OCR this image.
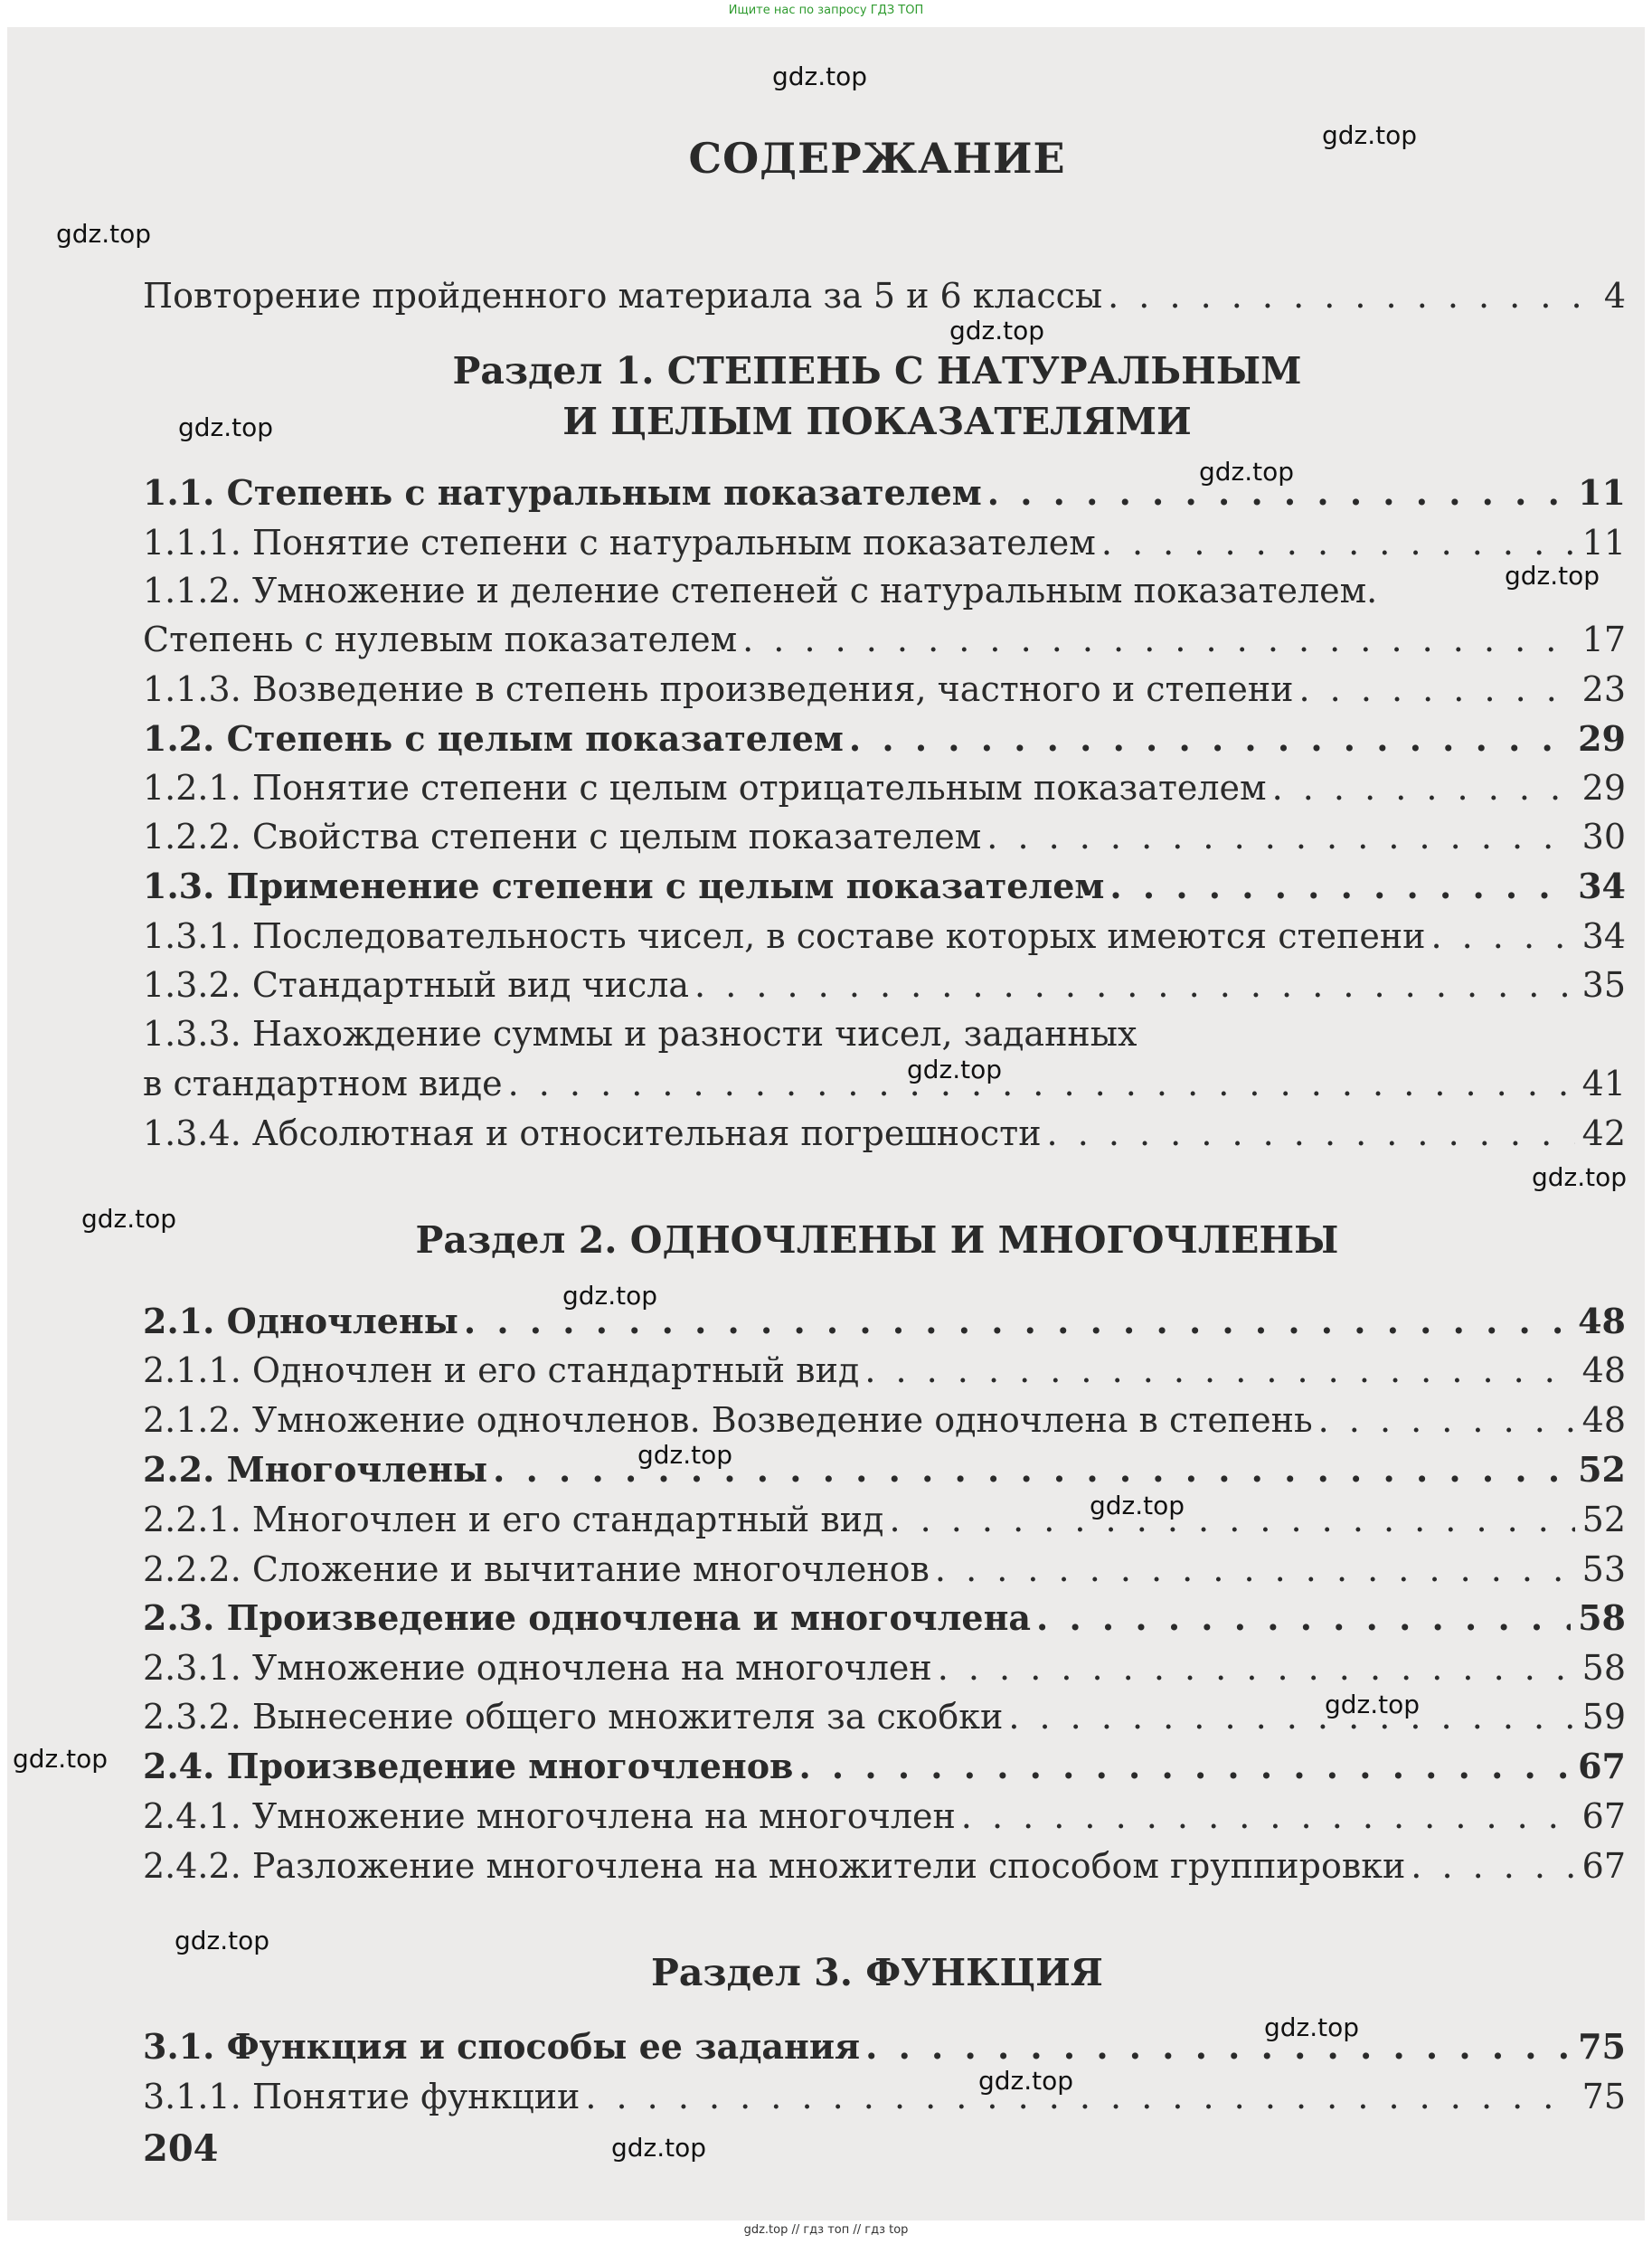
Ищите нас по запросу ГДЗ ТОП
СОДЕРЖАНИЕ
Повторение пройденного материала за 5 и 6 классы . . .	4
Раздел 1. СТЕПЕНЬ С НАТУРАЛЬНЫМ
И ЦЕЛЫМ ПОКАЗАТЕЛЯМИ
1.1. Степень с натуральным показателем . . .	11
1.1.1. Понятие степени с натуральным показателем . . .	11
1.1.2. Умножение и деление степеней с натуральным показателем.
Степень с нулевым показателем . . .	17
1.1.3. Возведение в степень произведения, частного и степени . . .	23
1.2. Степень с целым показателем . . .	29
1.2.1. Понятие степени с целым отрицательным показателем . . .	29
1.2.2. Свойства степени с целым показателем . . .	30
1.3. Применение степени с целым показателем . . .	34
1.3.1. Последовательность чисел, в составе которых имеются степени . . .	34
1.3.2. Стандартный вид числа . . .	35
1.3.3. Нахождение суммы и разности чисел, заданных
в стандартном виде . . .	41
1.3.4. Абсолютная и относительная погрешности . . .	42
Раздел 2. ОДНОЧЛЕНЫ И МНОГОЧЛЕНЫ
2.1. Одночлены . . .	48
2.1.1. Одночлен и его стандартный вид . . .	48
2.1.2. Умножение одночленов. Возведение одночлена в степень . . .	48
2.2. Многочлены . . .	52
2.2.1. Многочлен и его стандартный вид . . .	52
2.2.2. Сложение и вычитание многочленов . . .	53
2.3. Произведение одночлена и многочлена . . .	58
2.3.1. Умножение одночлена на многочлен . . .	58
2.3.2. Вынесение общего множителя за скобки . . .	59
2.4. Произведение многочленов . . .	67
2.4.1. Умножение многочлена на многочлен . . .	67
2.4.2. Разложение многочлена на множители способом группировки . . .	67
Раздел 3. ФУНКЦИЯ
3.1. Функция и способы ее задания . . .	75
3.1.1. Понятие функции . . .	75
204
gdz.top
gdz.top
gdz.top
gdz.top
gdz.top
gdz.top
gdz.top
gdz.top
gdz.top
gdz.top
gdz.top
gdz.top
gdz.top
gdz.top
gdz.top
gdz.top
gdz.top
gdz.top
gdz.top
gdz.top // гдз топ // гдз top
